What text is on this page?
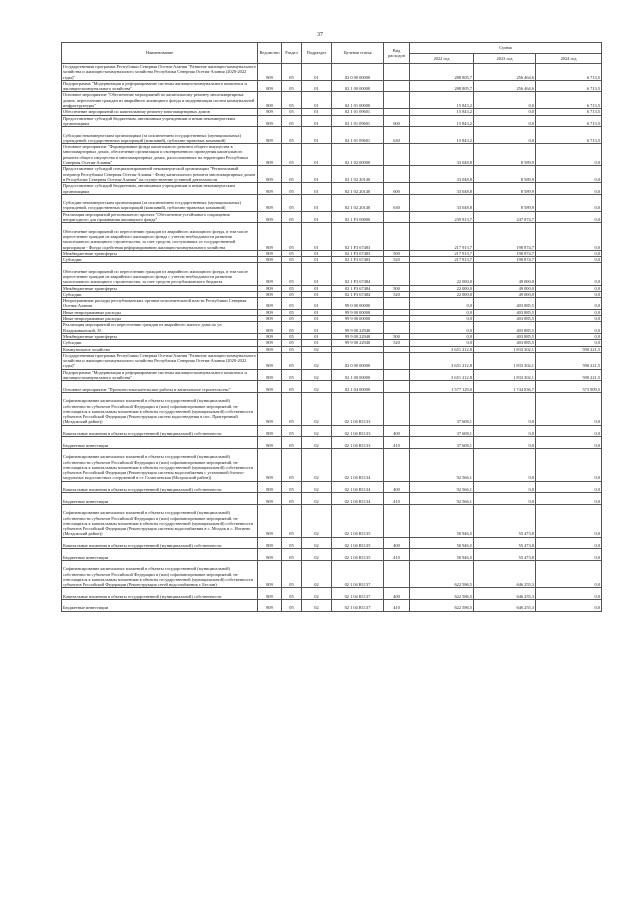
37
Наименование	Ведомство	Раздел	Подраздел	Целевая статья	Вид расходов	Сумма		
						2022 год	2023 год	2024 год
Государственная программа Республики Северная Осетия-Алания "Развитие жилищно-коммунального хозяйства и жилищно-коммунального хозяйства Республики Северная Осетия-Алания (2020-2022 годы)"	809	05	01	02 0 00 00000		288 805,7	256 464,6	6 713,5
Подпрограмма "Модернизация и реформирование системы жилищно-коммунального комплекса и жилищно-коммунального хозяйства"	809	05	01	02 1 00 00000		288 805,7	256 464,6	6 713,5
Основное мероприятие "Обеспечение мероприятий по капитальному ремонту многоквартирных домов, переселению граждан из аварийного жилищного фонда и модернизации систем коммунальной инфраструктуры"	809	05	01	02 1 01 00000		15 843,2	0,0	6 713,5
Обеспечение мероприятий по капитальному ремонту многоквартирных домов	809	05	01	02 1 01 09601		15 843,2	0,0	6 713,5
Предоставление субсидий бюджетным, автономным учреждениям и иным некоммерческим организациям	809	05	01	02 1 01 09601	600	15 843,2	0,0	6 713,5
Субсидии некоммерческим организациям (за исключением государственных (муниципальных) учреждений, государственных корпораций (компаний), публично-правовых компаний)	809	05	01	02 1 01 09601	630	15 843,2	0,0	6 713,5
Основное мероприятие "Формирование фонда капитального ремонта общего имущества в многоквартирных домах, обеспечение организации и своевременного проведения капитального ремонта общего имущества в многоквартирных домах, расположенных на территории Республики Северная Осетия-Алания"	809	05	01	02 1 02 00000		33 048,8	8 589,9	0,0
Предоставление субсидий специализированной некоммерческой организации "Региональный оператор Республики Северная Осетия-Алания - Фонд капитального ремонта многоквартирных домов в Республике Северная Осетия-Алания" на осуществление уставной деятельности	809	05	01	02 1 02 20140		33 048,8	8 589,9	0,0
Предоставление субсидий бюджетным, автономным учреждениям и иным некоммерческим организациям	809	05	01	02 1 02 20140	600	33 048,8	8 589,9	0,0
Субсидии некоммерческим организациям (за исключением государственных (муниципальных) учреждений, государственных корпораций (компаний), публично-правовых компаний)	809	05	01	02 1 02 20140	630	33 048,8	8 589,9	0,0
Реализация мероприятий регионального проекта "Обеспечение устойчивого сокращения непригодного для проживания жилищного фонда"	809	05	01	02 1 F3 00000		239 913,7	247 874,7	0,0
Обеспечение мероприятий по переселению граждан из аварийного жилищного фонда, в том числе переселению граждан из аварийного жилищного фонда с учетом необходимости развития малоэтажного жилищного строительства, за счет средств, поступивших от государственной корпорации - Фонда содействия реформированию жилищно-коммунального хозяйства	809	05	01	02 1 F3 67483		217 913,7	198 874,7	0,0
Межбюджетные трансферты	809	05	01	02 1 F3 67483	500	217 913,7	198 874,7	0,0
Субсидии	809	05	01	02 1 F3 67483	520	217 913,7	198 874,7	0,0
Обеспечение мероприятий по переселению граждан из аварийного жилищного фонда, в том числе переселению граждан из аварийного жилищного фонда с учетом необходимости развития малоэтажного жилищного строительства, за счет средств республиканского бюджета	809	05	01	02 1 F3 67484		22 000,0	49 000,0	0,0
Межбюджетные трансферты	809	05	01	02 1 F3 67484	500	22 000,0	49 000,0	0,0
Субсидии	809	05	01	02 1 F3 67484	520	22 000,0	49 000,0	0,0
Непрограммные расходы республиканских органов исполнительной власти Республики Северная Осетия-Алания	809	05	01	99 0 00 00000		0,0	403 885,5	0,0
Иные непрограммные расходы	809	05	01	99 9 00 00000		0,0	403 885,5	0,0
Иные непрограммные расходы	809	05	01	99 9 00 00000		0,0	403 885,5	0,0
Реализация мероприятий по переселению граждан из аварийного жилого дома по ул. Владикавказской, 35	809	05	01	99 9 00 22940		0,0	403 885,5	0,0
Межбюджетные трансферты	809	05	01	99 9 00 22940	500	0,0	403 885,5	0,0
Субсидии	809	05	01	99 9 00 22940	520	0,0	403 885,5	0,0
Коммунальное хозяйство	809	05	02			3 651 212,8	1 833 302,1	590 221,5
Государственная программа Республики Северная Осетия-Алания "Развитие жилищно-коммунального хозяйства и жилищно-коммунального хозяйства Республики Северная Осетия-Алания (2020-2022 годы)"	809	05	02	02 0 00 00000		3 651 212,8	1 833 302,1	590 221,5
Подпрограмма "Модернизация и реформирование системы жилищно-коммунального комплекса и жилищно-коммунального хозяйства"	809	05	02	02 1 00 00000		3 651 212,8	1 833 302,1	590 221,5
Основное мероприятие "Проектно-изыскательские работы и капитальное строительство"	809	05	02	02 1 04 00000		1 577 129,0	1 744 836,7	573 909,5
Софинансирование капитальных вложений в объекты государственной (муниципальной) собственности субъектов Российской Федерации и (или) софинансирование мероприятий, не относящихся к капитальным вложениям в объекты государственной (муниципальной) собственности субъектов Российской Федерации (Реконструкция систем водоотведения в пос. Притеречный (Моздокский район))	809	05	02	02 1 04 R1133		37 608,1	0,0	0,0
Капитальные вложения в объекты государственной (муниципальной) собственности	809	05	02	02 1 04 R1133	400	37 608,1	0,0	0,0
Бюджетные инвестиции	809	05	02	02 1 04 R1133	410	37 608,1	0,0	0,0
Софинансирование капитальных вложений в объекты государственной (муниципальной) собственности субъектов Российской Федерации и (или) софинансирование мероприятий, не относящихся к капитальным вложениям в объекты государственной (муниципальной) собственности субъектов Российской Федерации (Реконструкция системы водоснабжения с установкой блочно-модульных водоочистных сооружений в ст. Галюгаевская (Моздокский район))	809	05	02	02 1 04 R1134		92 566,1	0,0	0,0
Капитальные вложения в объекты государственной (муниципальной) собственности	809	05	02	02 1 04 R1134	400	92 566,1	0,0	0,0
Бюджетные инвестиции	809	05	02	02 1 04 R1134	410	92 566,1	0,0	0,0
Софинансирование капитальных вложений в объекты государственной (муниципальной) собственности субъектов Российской Федерации и (или) софинансирование мероприятий, не относящихся к капитальным вложениям в объекты государственной (муниципальной) собственности субъектов Российской Федерации (Реконструкция системы водоснабжения в с. Моздок и с. Ногиево (Моздокский район))	809	05	02	02 1 04 R1135		50 946,5	55 473,8	0,0
Капитальные вложения в объекты государственной (муниципальной) собственности	809	05	02	02 1 04 R1135	400	50 946,5	55 473,8	0,0
Бюджетные инвестиции	809	05	02	02 1 04 R1135	410	50 946,5	55 473,8	0,0
Софинансирование капитальных вложений в объекты государственной (муниципальной) собственности субъектов Российской Федерации и (или) софинансирование мероприятий, не относящихся к капитальным вложениям в объекты государственной (муниципальной) собственности субъектов Российской Федерации (Реконструкция сетей водоснабжения г. Беслан)	809	05	02	02 1 04 R1137		622 586,5	646 255,3	0,0
Капитальные вложения в объекты государственной (муниципальной) собственности	809	05	02	02 1 04 R1137	400	622 586,5	646 255,3	0,0
Бюджетные инвестиции	809	05	02	02 1 04 R1137	410	622 586,5	646 255,3	0,0
